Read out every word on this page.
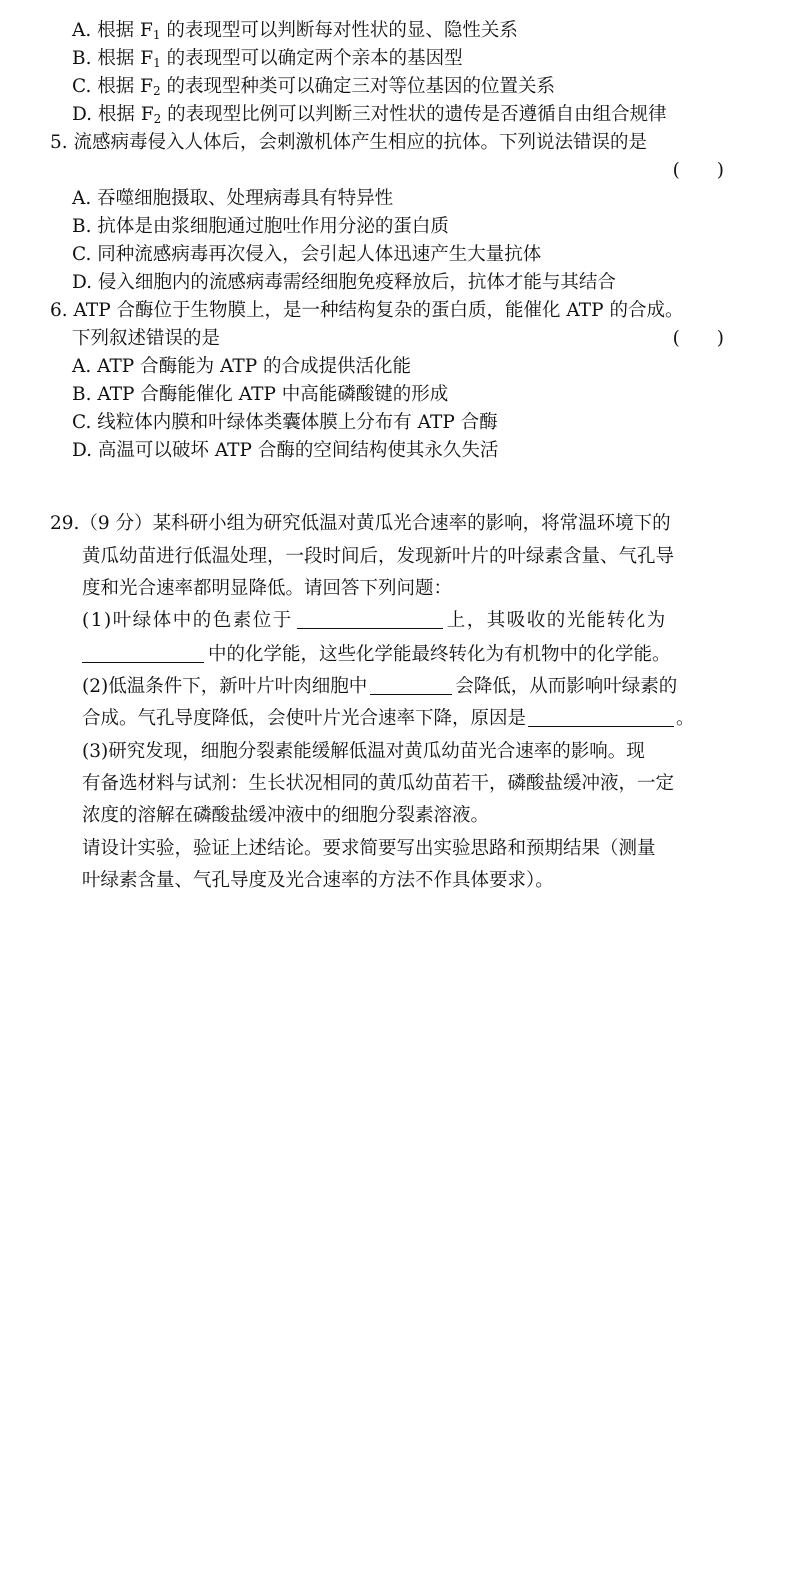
A. 根据 $F_1$ 的表现型可以判断每对性状的显、隐性关系
B. 根据 $F_1$ 的表现型可以确定两个亲本的基因型
C. 根据 $F_2$ 的表现型种类可以确定三对等位基因的位置关系
D. 根据 $F_2$ 的表现型比例可以判断三对性状的遗传是否遵循自由组合规律
5. 流感病毒侵入人体后，会刺激机体产生相应的抗体。下列说法错误的是
(　　)
A. 吞噬细胞摄取、处理病毒具有特异性
B. 抗体是由浆细胞通过胞吐作用分泌的蛋白质
C. 同种流感病毒再次侵入，会引起人体迅速产生大量抗体
D. 侵入细胞内的流感病毒需经细胞免疫释放后，抗体才能与其结合
6. ATP 合酶位于生物膜上，是一种结构复杂的蛋白质，能催化 ATP 的合成。
下列叙述错误的是	(　　)
A. ATP 合酶能为 ATP 的合成提供活化能
B. ATP 合酶能催化 ATP 中高能磷酸键的形成
C. 线粒体内膜和叶绿体类囊体膜上分布有 ATP 合酶
D. 高温可以破坏 ATP 合酶的空间结构使其永久失活
29.（9 分）某科研小组为研究低温对黄瓜光合速率的影响，将常温环境下的
黄瓜幼苗进行低温处理，一段时间后，发现新叶片的叶绿素含量、气孔导
度和光合速率都明显降低。请回答下列问题：
(1)叶绿体中的色素位于	上，其吸收的光能转化为
中的化学能，这些化学能最终转化为有机物中的化学能。
(2)低温条件下，新叶片叶肉细胞中	会降低，从而影响叶绿素的
合成。气孔导度降低，会使叶片光合速率下降，原因是	。
(3)研究发现，细胞分裂素能缓解低温对黄瓜幼苗光合速率的影响。现
有备选材料与试剂：生长状况相同的黄瓜幼苗若干，磷酸盐缓冲液，一定
浓度的溶解在磷酸盐缓冲液中的细胞分裂素溶液。
请设计实验，验证上述结论。要求简要写出实验思路和预期结果（测量
叶绿素含量、气孔导度及光合速率的方法不作具体要求）。
